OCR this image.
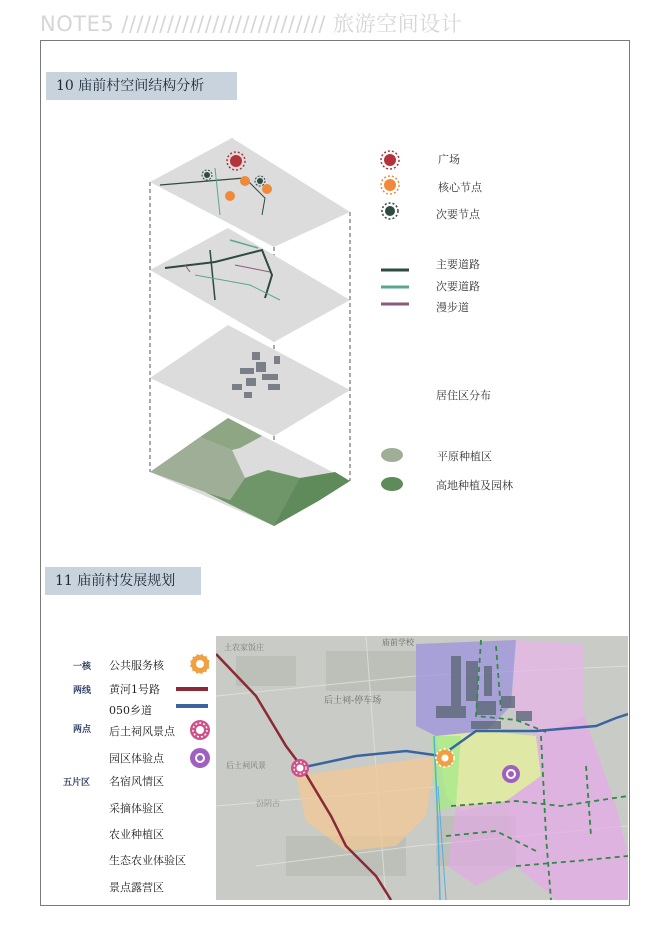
NOTE5 /////////////////////////// 旅游空间设计
10 庙前村空间结构分析
广场
核心节点
次要节点
主要道路
次要道路
漫步道
居住区分布
平原种植区
高地种植及园林
11 庙前村发展规划
一核
两线
两点
五片区
公共服务核
黄河1号路
050乡道
后土祠风景点
园区体验点
名宿风情区
采摘体验区
农业种植区
生态农业体验区
景点露营区
庙前学校
土农家饭庄
后土祠-停车场
后土祠风景
汾阴古
